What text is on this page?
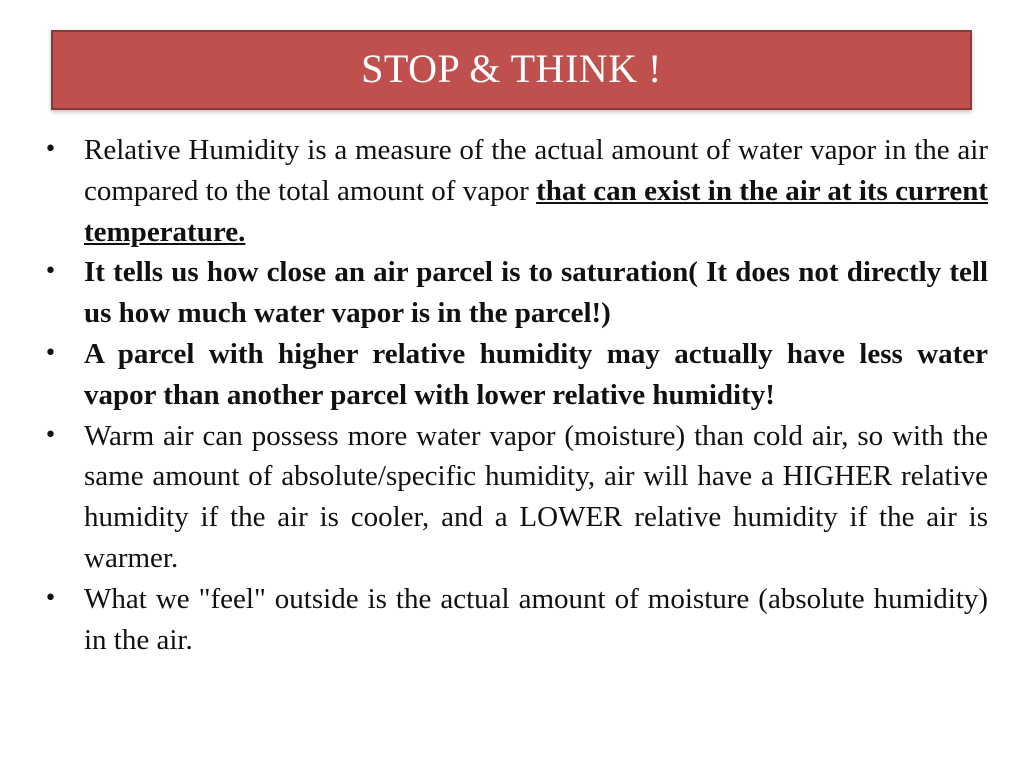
STOP & THINK !
• Relative Humidity is a measure of the actual amount of water vapor in the air compared to the total amount of vapor that can exist in the air at its current temperature.
• It tells us how close an air parcel is to saturation( It does not directly tell us how much water vapor is in the parcel!)
• A parcel with higher relative humidity may actually have less water vapor than another parcel with lower relative humidity!
• Warm air can possess more water vapor (moisture) than cold air, so with the same amount of absolute/specific humidity, air will have a HIGHER relative humidity if the air is cooler, and a LOWER relative humidity if the air is warmer.
• What we "feel" outside is the actual amount of moisture (absolute humidity) in the air.
